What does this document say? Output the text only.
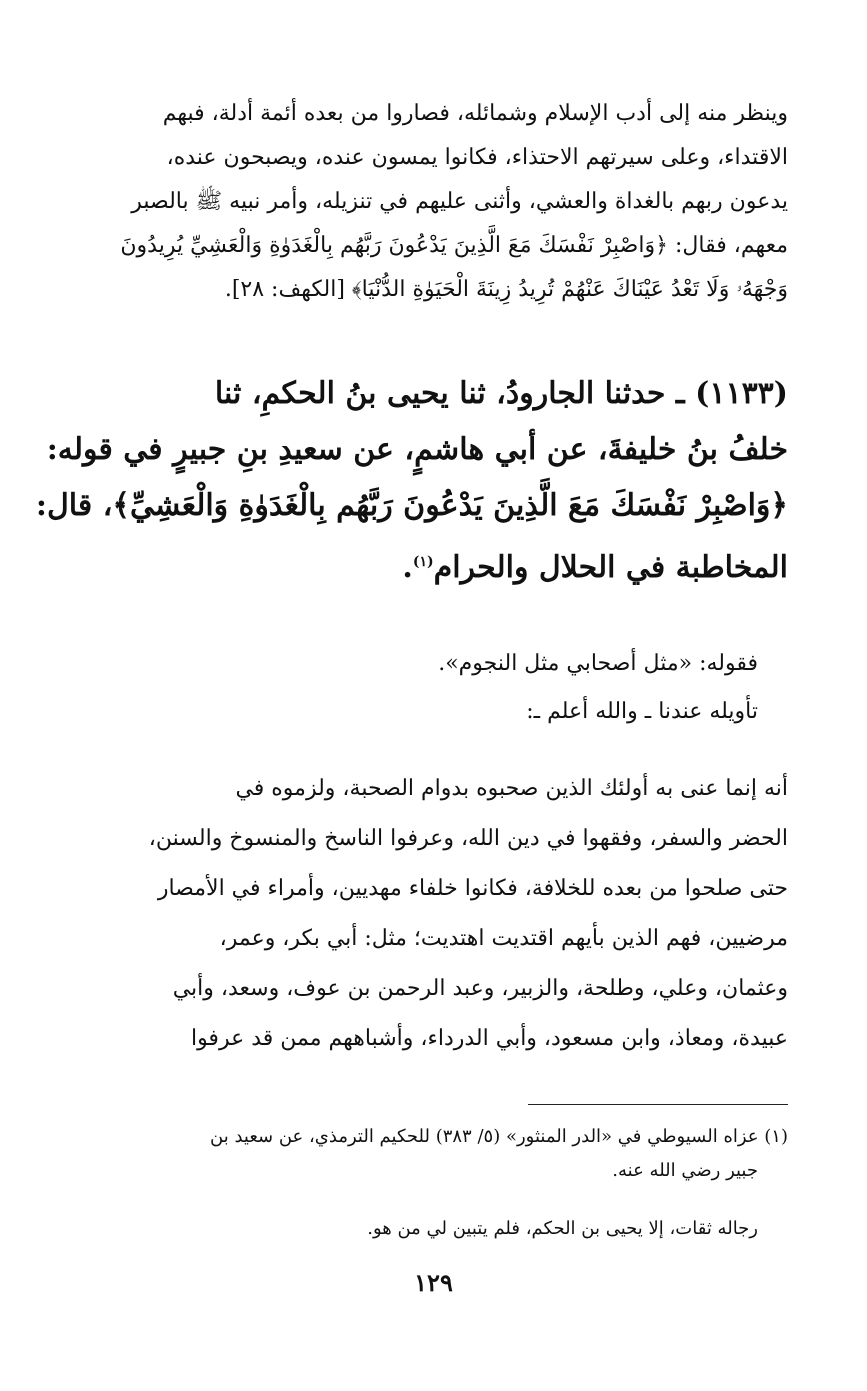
وينظر منه إلى أدب الإسلام وشمائله، فصاروا من بعده أئمة أدلة، فبهم
الاقتداء، وعلى سيرتهم الاحتذاء، فكانوا يمسون عنده، ويصبحون عنده،
يدعون ربهم بالغداة والعشي، وأثنى عليهم في تنزيله، وأمر نبيه ﷺ بالصبر
معهم، فقال: ﴿وَاصْبِرْ نَفْسَكَ مَعَ الَّذِينَ يَدْعُونَ رَبَّهُم بِالْغَدَوٰةِ وَالْعَشِيِّ يُرِيدُونَ
وَجْهَهُۥ وَلَا تَعْدُ عَيْنَاكَ عَنْهُمْ تُرِيدُ زِينَةَ الْحَيَوٰةِ الدُّنْيَا﴾ [الكهف: ٢٨].
(١١٣٣) ـ حدثنا الجارودُ، ثنا يحيى بنُ الحكمِ، ثنا
خلفُ بنُ خليفةَ، عن أبي هاشمٍ، عن سعيدِ بنِ جبيرٍ في قوله:
﴿وَاصْبِرْ نَفْسَكَ مَعَ الَّذِينَ يَدْعُونَ رَبَّهُم بِالْغَدَوٰةِ وَالْعَشِيِّ﴾، قال:
المخاطبة في الحلال والحرام$^{(١)}$.
فقوله: «مثل أصحابي مثل النجوم».
تأويله عندنا ـ والله أعلم ـ:
أنه إنما عنى به أولئك الذين صحبوه بدوام الصحبة، ولزموه في
الحضر والسفر، وفقهوا في دين الله، وعرفوا الناسخ والمنسوخ والسنن،
حتى صلحوا من بعده للخلافة، فكانوا خلفاء مهديين، وأمراء في الأمصار
مرضيين، فهم الذين بأيهم اقتديت اهتديت؛ مثل: أبي بكر، وعمر،
وعثمان، وعلي، وطلحة، والزبير، وعبد الرحمن بن عوف، وسعد، وأبي
عبيدة، ومعاذ، وابن مسعود، وأبي الدرداء، وأشباههم ممن قد عرفوا
(١) عزاه السيوطي في «الدر المنثور» (٥/ ٣٨٣) للحكيم الترمذي، عن سعيد بن
جبير رضي الله عنه.
رجاله ثقات، إلا يحيى بن الحكم، فلم يتبين لي من هو.
١٢٩
